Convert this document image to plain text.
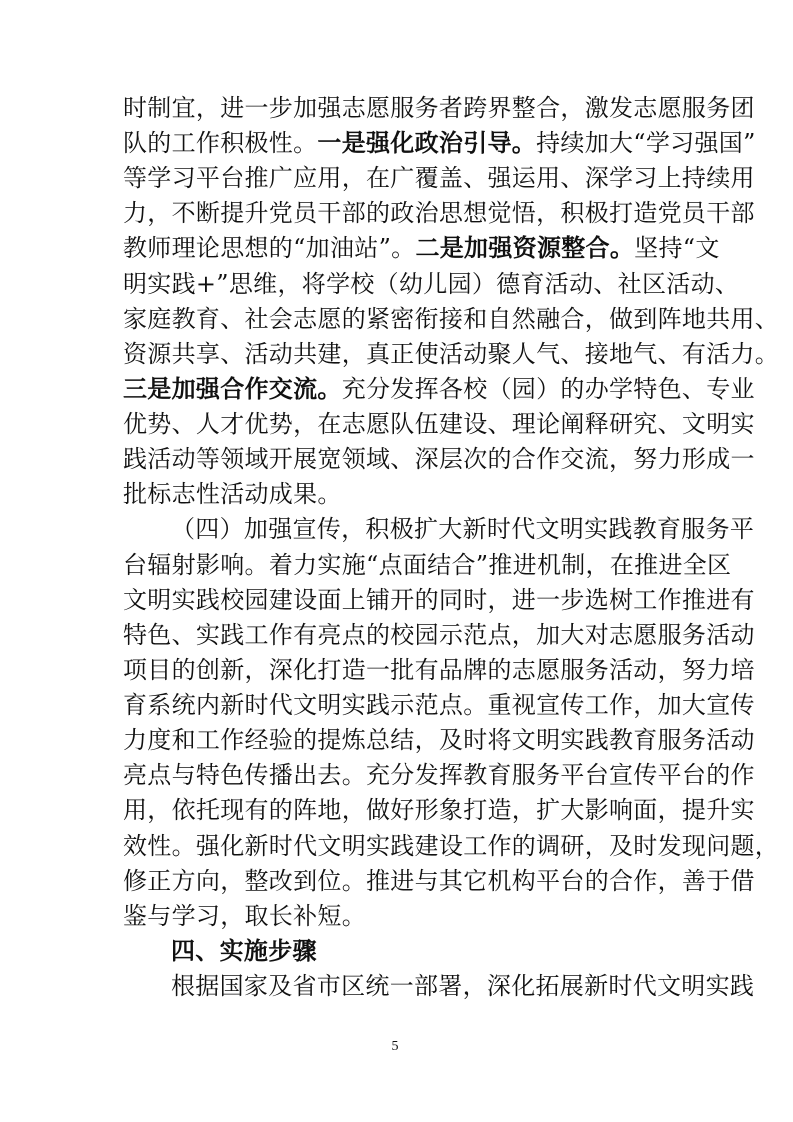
时制宜，进一步加强志愿服务者跨界整合，激发志愿服务团
队的工作积极性。一是强化政治引导。持续加大“学习强国”
等学习平台推广应用，在广覆盖、强运用、深学习上持续用
力，不断提升党员干部的政治思想觉悟，积极打造党员干部
教师理论思想的“加油站”。二是加强资源整合。坚持“文
明实践+”思维，将学校（幼儿园）德育活动、社区活动、
家庭教育、社会志愿的紧密衔接和自然融合，做到阵地共用、
资源共享、活动共建，真正使活动聚人气、接地气、有活力。
三是加强合作交流。充分发挥各校（园）的办学特色、专业
优势、人才优势，在志愿队伍建设、理论阐释研究、文明实
践活动等领域开展宽领域、深层次的合作交流，努力形成一
批标志性活动成果。
（四）加强宣传，积极扩大新时代文明实践教育服务平
台辐射影响。着力实施“点面结合”推进机制，在推进全区
文明实践校园建设面上铺开的同时，进一步选树工作推进有
特色、实践工作有亮点的校园示范点，加大对志愿服务活动
项目的创新，深化打造一批有品牌的志愿服务活动，努力培
育系统内新时代文明实践示范点。重视宣传工作，加大宣传
力度和工作经验的提炼总结，及时将文明实践教育服务活动
亮点与特色传播出去。充分发挥教育服务平台宣传平台的作
用，依托现有的阵地，做好形象打造，扩大影响面，提升实
效性。强化新时代文明实践建设工作的调研，及时发现问题，
修正方向，整改到位。推进与其它机构平台的合作，善于借
鉴与学习，取长补短。
四、实施步骤
根据国家及省市区统一部署，深化拓展新时代文明实践
5
